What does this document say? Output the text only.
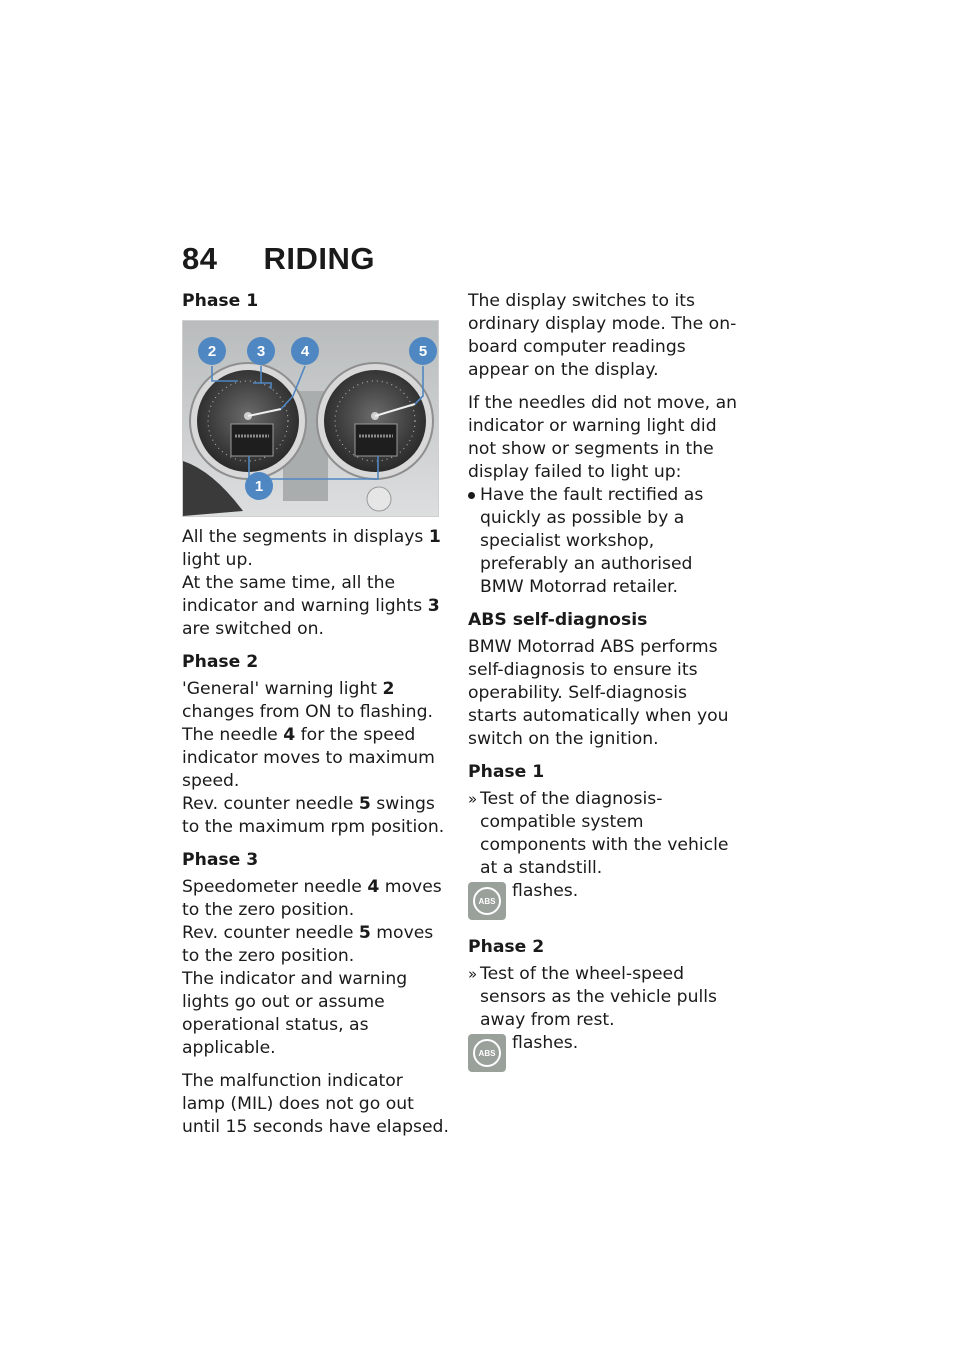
84 RIDING
Phase 1
2	3 4	5
1

All the segments in displays 1 light up.

At the same time, all the indicator and warning lights 3 are switched on.

Phase 2

'General' warning light 2 changes from ON to flashing.

The needle 4 for the speed indicator moves to maximum speed.

Rev. counter needle 5 swings to the maximum rpm position.

Phase 3

Speedometer needle 4 moves to the zero position.

Rev. counter needle 5 moves to the zero position.

The indicator and warning lights go out or assume operational status, as applicable.

The malfunction indicator lamp (MIL) does not go out until 15 seconds have elapsed.

The display switches to its ordinary display mode. The on-board computer readings appear on the display.

If the needles did not move, an indicator or warning light did not show or segments in the display failed to light up:

Have the fault rectified as quickly as possible by a specialist workshop, preferably an authorised BMW Motorrad retailer.
ABS self-diagnosis

BMW Motorrad ABS performs self-diagnosis to ensure its operability. Self-diagnosis starts automatically when you switch on the ignition.

Phase 1
» Test of the diagnosis-compatible system components with the vehicle at a standstill.
ABS flashes.
Phase 2
» Test of the wheel-speed sensors as the vehicle pulls away from rest.
ABS flashes.
